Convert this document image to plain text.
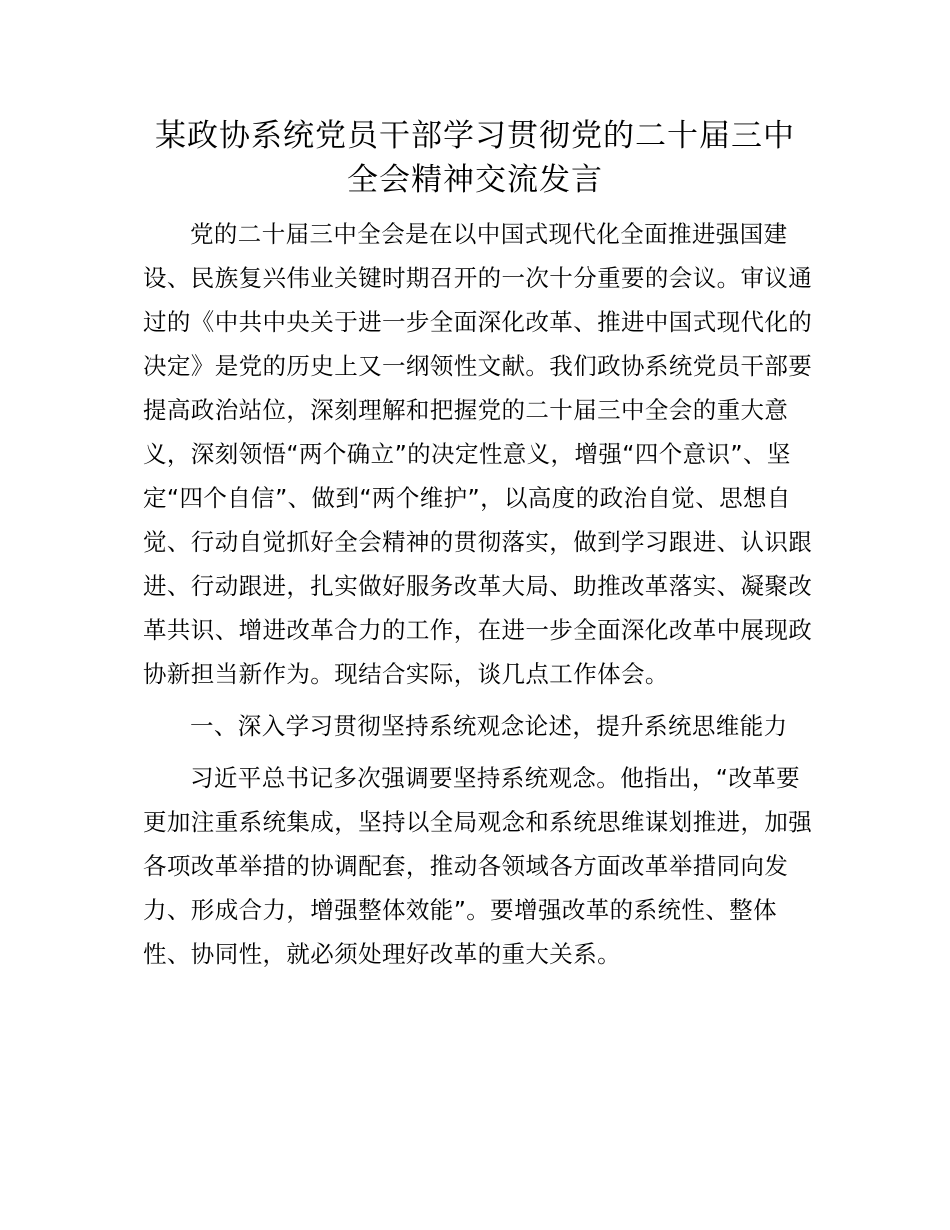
某政协系统党员干部学习贯彻党的二十届三中
全会精神交流发言

党的二十届三中全会是在以中国式现代化全面推进强国建设、民族复兴伟业关键时期召开的一次十分重要的会议。审议通过的《中共中央关于进一步全面深化改革、推进中国式现代化的决定》是党的历史上又一纲领性文献。我们政协系统党员干部要提高政治站位，深刻理解和把握党的二十届三中全会的重大意义，深刻领悟“两个确立”的决定性意义，增强“四个意识”、坚定“四个自信”、做到“两个维护”，以高度的政治自觉、思想自觉、行动自觉抓好全会精神的贯彻落实，做到学习跟进、认识跟进、行动跟进，扎实做好服务改革大局、助推改革落实、凝聚改革共识、增进改革合力的工作，在进一步全面深化改革中展现政协新担当新作为。现结合实际，谈几点工作体会。

一、深入学习贯彻坚持系统观念论述，提升系统思维能力

习近平总书记多次强调要坚持系统观念。他指出，“改革要更加注重系统集成，坚持以全局观念和系统思维谋划推进，加强各项改革举措的协调配套，推动各领域各方面改革举措同向发力、形成合力，增强整体效能”。要增强改革的系统性、整体性、协同性，就必须处理好改革的重大关系。
